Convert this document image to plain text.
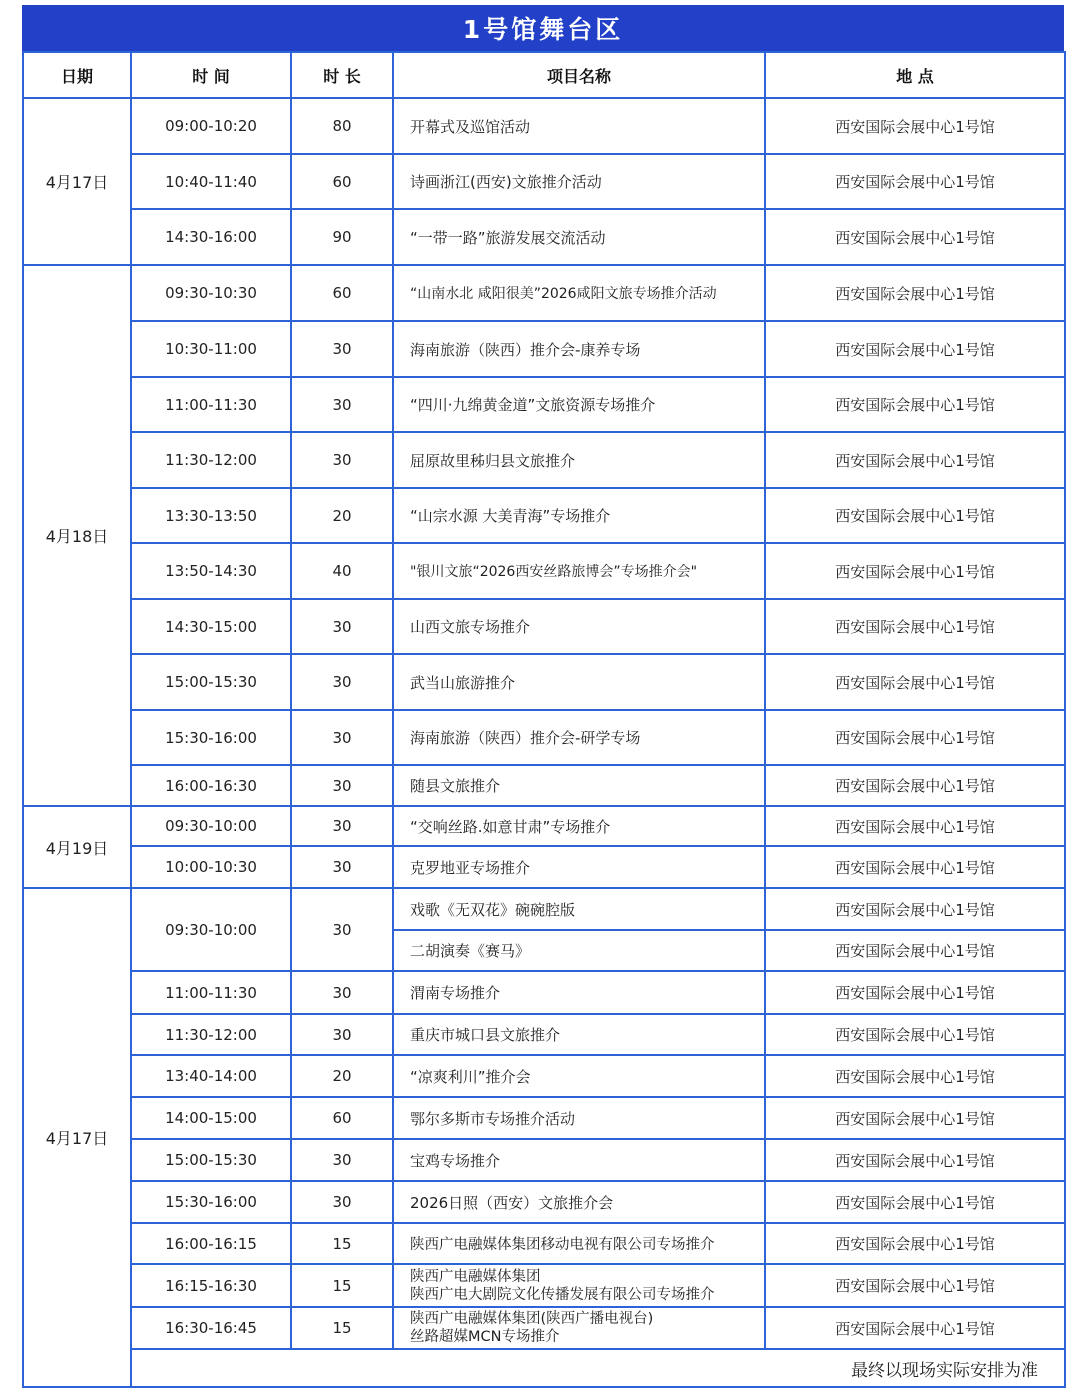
1号馆舞台区
日期	时 间	时 长	项目名称	地 点
4月17日	09:00-10:20	80	开幕式及巡馆活动	西安国际会展中心1号馆
	10:40-11:40	60	诗画浙江(西安)文旅推介活动	西安国际会展中心1号馆
	14:30-16:00	90	“一带一路”旅游发展交流活动	西安国际会展中心1号馆
4月18日	09:30-10:30	60	“山南水北 咸阳很美”2026咸阳文旅专场推介活动	西安国际会展中心1号馆
	10:30-11:00	30	海南旅游（陕西）推介会-康养专场	西安国际会展中心1号馆
	11:00-11:30	30	“四川·九绵黄金道”文旅资源专场推介	西安国际会展中心1号馆
	11:30-12:00	30	屈原故里秭归县文旅推介	西安国际会展中心1号馆
	13:30-13:50	20	“山宗水源 大美青海”专场推介	西安国际会展中心1号馆
	13:50-14:30	40	"银川文旅“2026西安丝路旅博会”专场推介会"	西安国际会展中心1号馆
	14:30-15:00	30	山西文旅专场推介	西安国际会展中心1号馆
	15:00-15:30	30	武当山旅游推介	西安国际会展中心1号馆
	15:30-16:00	30	海南旅游（陕西）推介会-研学专场	西安国际会展中心1号馆
	16:00-16:30	30	随县文旅推介	西安国际会展中心1号馆
4月19日	09:30-10:00	30	“交响丝路.如意甘肃”专场推介	西安国际会展中心1号馆
	10:00-10:30	30	克罗地亚专场推介	西安国际会展中心1号馆
4月17日	09:30-10:00	30	戏歌《无双花》碗碗腔版	西安国际会展中心1号馆
			二胡演奏《赛马》	西安国际会展中心1号馆
	11:00-11:30	30	渭南专场推介	西安国际会展中心1号馆
	11:30-12:00	30	重庆市城口县文旅推介	西安国际会展中心1号馆
	13:40-14:00	20	“凉爽利川”推介会	西安国际会展中心1号馆
	14:00-15:00	60	鄂尔多斯市专场推介活动	西安国际会展中心1号馆
	15:00-15:30	30	宝鸡专场推介	西安国际会展中心1号馆
	15:30-16:00	30	2026日照（西安）文旅推介会	西安国际会展中心1号馆
	16:00-16:15	15	陕西广电融媒体集团移动电视有限公司专场推介	西安国际会展中心1号馆
	16:15-16:30	15	陕西广电融媒体集团
陕西广电大剧院文化传播发展有限公司专场推介	西安国际会展中心1号馆
	16:30-16:45	15	陕西广电融媒体集团(陕西广播电视台)
丝路超媒MCN专场推介	西安国际会展中心1号馆
	最终以现场实际安排为准			
